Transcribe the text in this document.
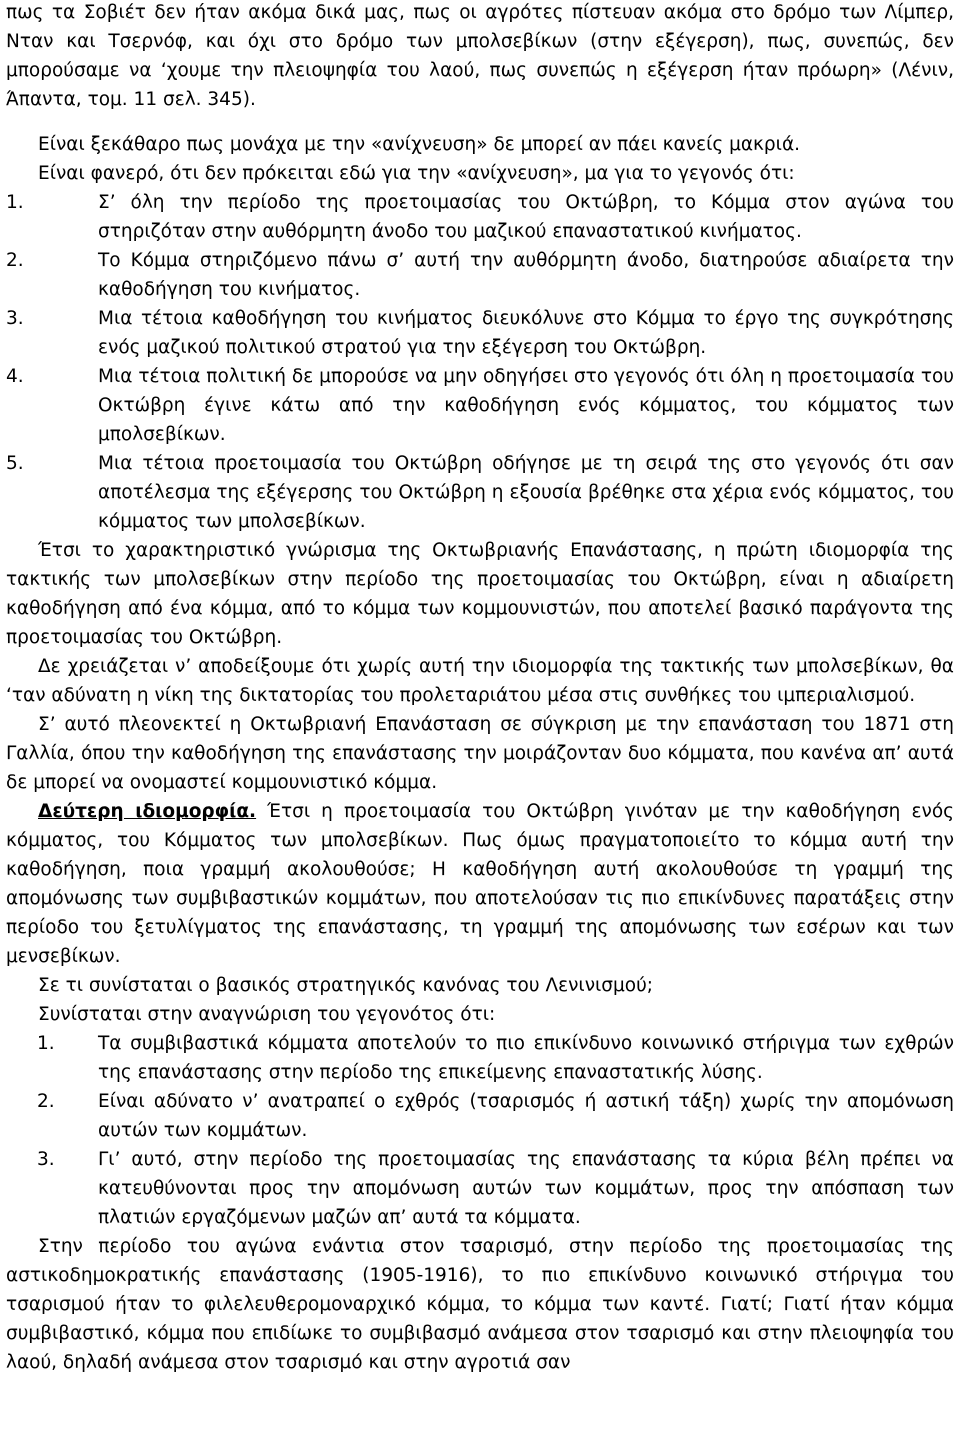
πως τα Σοβιέτ δεν ήταν ακόμα δικά μας, πως οι αγρότες πίστευαν ακόμα στο δρόμο των Λίμπερ, Νταν και Τσερνόφ, και όχι στο δρόμο των μπολσεβίκων (στην εξέγερση), πως, συνεπώς, δεν μπορούσαμε να ‘χουμε την πλειοψηφία του λαού, πως συνεπώς η εξέγερση ήταν πρόωρη» (Λένιν, Άπαντα, τομ. 11 σελ. 345).

Είναι ξεκάθαρο πως μονάχα με την «ανίχνευση» δε μπορεί αν πάει κανείς μακριά.

Είναι φανερό, ότι δεν πρόκειται εδώ για την «ανίχνευση», μα για το γεγονός ότι:

1.	Σ’ όλη την περίοδο της προετοιμασίας του Οκτώβρη, το Κόμμα στον αγώνα του στηριζόταν στην αυθόρμητη άνοδο του μαζικού επαναστατικού κινήματος.
2.	Το Κόμμα στηριζόμενο πάνω σ’ αυτή την αυθόρμητη άνοδο, διατηρούσε αδιαίρετα την καθοδήγηση του κινήματος.
3.	Μια τέτοια καθοδήγηση του κινήματος διευκόλυνε στο Κόμμα το έργο της συγκρότησης ενός μαζικού πολιτικού στρατού για την εξέγερση του Οκτώβρη.
4.	Μια τέτοια πολιτική δε μπορούσε να μην οδηγήσει στο γεγονός ότι όλη η προετοιμασία του Οκτώβρη έγινε κάτω από την καθοδήγηση ενός κόμματος, του κόμματος των μπολσεβίκων.
5.	Μια τέτοια προετοιμασία του Οκτώβρη οδήγησε με τη σειρά της στο γεγονός ότι σαν αποτέλεσμα της εξέγερσης του Οκτώβρη η εξουσία βρέθηκε στα χέρια ενός κόμματος, του κόμματος των μπολσεβίκων.

Έτσι το χαρακτηριστικό γνώρισμα της Οκτωβριανής Επανάστασης, η πρώτη ιδιομορφία της τακτικής των μπολσεβίκων στην περίοδο της προετοιμασίας του Οκτώβρη, είναι η αδιαίρετη καθοδήγηση από ένα κόμμα, από το κόμμα των κομμουνιστών, που αποτελεί βασικό παράγοντα της προετοιμασίας του Οκτώβρη.

Δε χρειάζεται ν’ αποδείξουμε ότι χωρίς αυτή την ιδιομορφία της τακτικής των μπολσεβίκων, θα ‘ταν αδύνατη η νίκη της δικτατορίας του προλεταριάτου μέσα στις συνθήκες του ιμπεριαλισμού.

Σ’ αυτό πλεονεκτεί η Οκτωβριανή Επανάσταση σε σύγκριση με την επανάσταση του 1871 στη Γαλλία, όπου την καθοδήγηση της επανάστασης την μοιράζονταν δυο κόμματα, που κανένα απ’ αυτά δε μπορεί να ονομαστεί κομμουνιστικό κόμμα.

Δεύτερη ιδιομορφία. Έτσι η προετοιμασία του Οκτώβρη γινόταν με την καθοδήγηση ενός κόμματος, του Κόμματος των μπολσεβίκων. Πως όμως πραγματοποιείτο το κόμμα αυτή την καθοδήγηση, ποια γραμμή ακολουθούσε; Η καθοδήγηση αυτή ακολουθούσε τη γραμμή της απομόνωσης των συμβιβαστικών κομμάτων, που αποτελούσαν τις πιο επικίνδυνες παρατάξεις στην περίοδο του ξετυλίγματος της επανάστασης, τη γραμμή της απομόνωσης των εσέρων και των μενσεβίκων.

Σε τι συνίσταται ο βασικός στρατηγικός κανόνας του Λενινισμού;

Συνίσταται στην αναγνώριση του γεγονότος ότι:

1. Τα συμβιβαστικά κόμματα αποτελούν το πιο επικίνδυνο κοινωνικό στήριγμα των εχθρών της επανάστασης στην περίοδο της επικείμενης επαναστατικής λύσης.
2. Είναι αδύνατο ν’ ανατραπεί ο εχθρός (τσαρισμός ή αστική τάξη) χωρίς την απομόνωση αυτών των κομμάτων.
3. Γι’ αυτό, στην περίοδο της προετοιμασίας της επανάστασης τα κύρια βέλη πρέπει να κατευθύνονται προς την απομόνωση αυτών των κομμάτων, προς την απόσπαση των πλατιών εργαζόμενων μαζών απ’ αυτά τα κόμματα.

Στην περίοδο του αγώνα ενάντια στον τσαρισμό, στην περίοδο της προετοιμασίας της αστικοδημοκρατικής επανάστασης (1905-1916), το πιο επικίνδυνο κοινωνικό στήριγμα του τσαρισμού ήταν το φιλελευθερομοναρχικό κόμμα, το κόμμα των καντέ. Γιατί; Γιατί ήταν κόμμα συμβιβαστικό, κόμμα που επιδίωκε το συμβιβασμό ανάμεσα στον τσαρισμό και στην πλειοψηφία του λαού, δηλαδή ανάμεσα στον τσαρισμό και στην αγροτιά σαν
